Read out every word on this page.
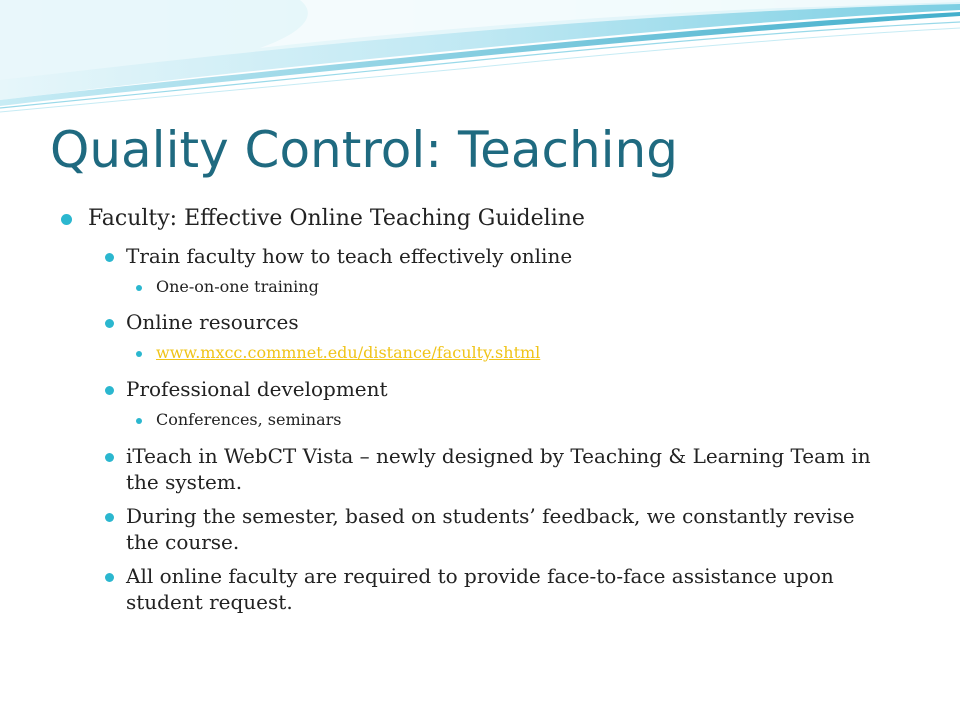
Quality Control: Teaching
Faculty: Effective Online Teaching Guideline
Train faculty how to teach effectively online
One-on-one training
Online resources
www.mxcc.commnet.edu/distance/faculty.shtml
Professional development
Conferences, seminars
iTeach in WebCT Vista – newly designed by Teaching & Learning Team in the system.
During the semester, based on students’ feedback, we constantly revise the course.
All online faculty are required to provide face-to-face assistance upon student request.
